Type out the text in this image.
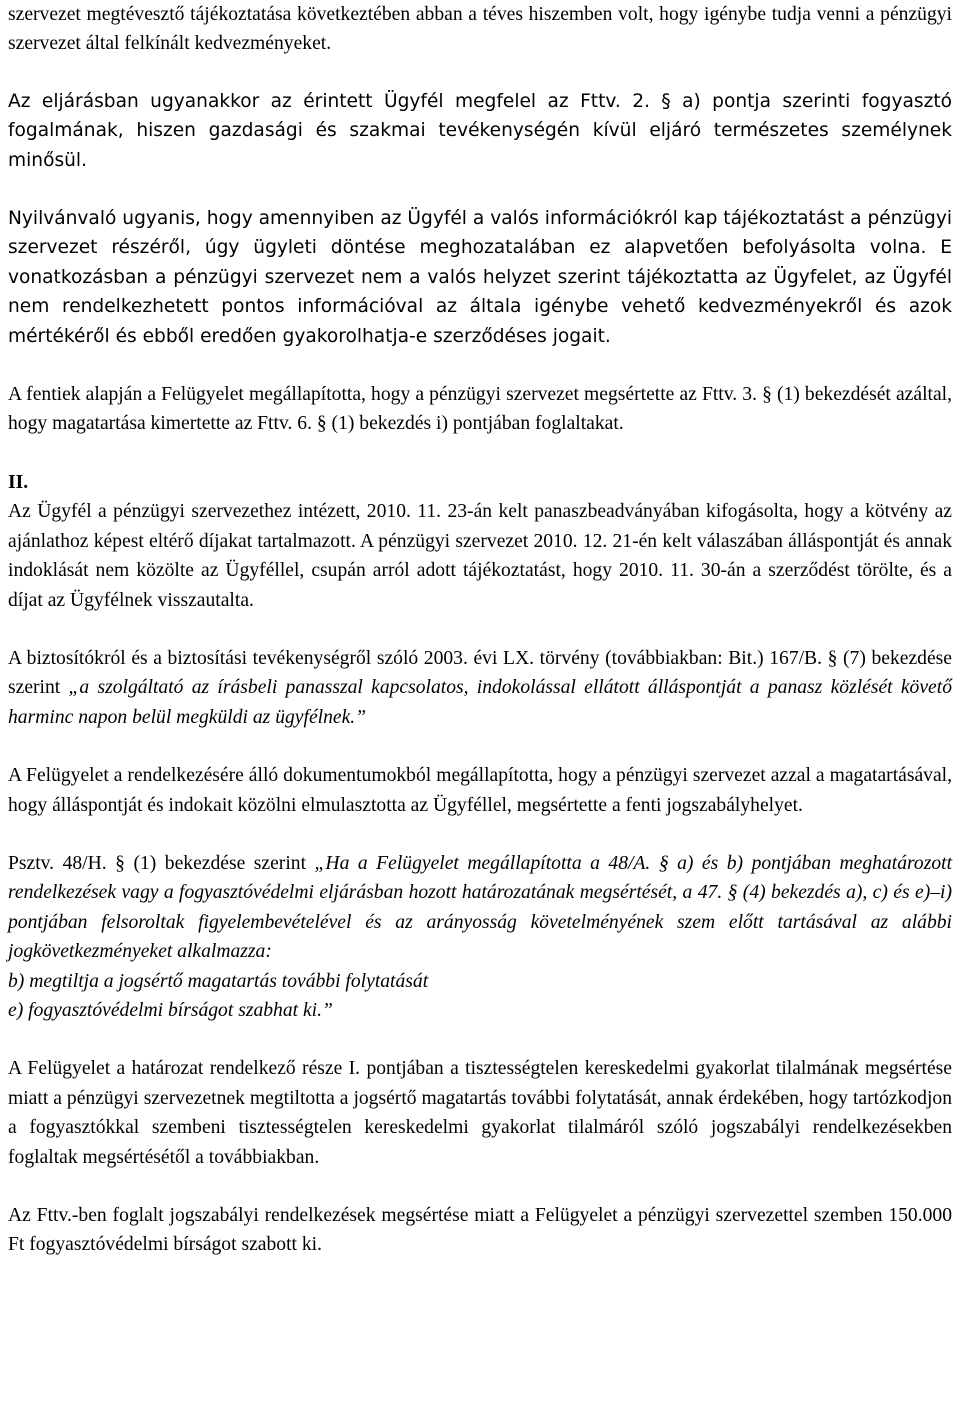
szervezet megtévesztő tájékoztatása következtében abban a téves hiszemben volt, hogy igénybe tudja venni a pénzügyi szervezet által felkínált kedvezményeket.

Az eljárásban ugyanakkor az érintett Ügyfél megfelel az Fttv. 2. § a) pontja szerinti fogyasztó fogalmának, hiszen gazdasági és szakmai tevékenységén kívül eljáró természetes személynek minősül.

Nyilvánvaló ugyanis, hogy amennyiben az Ügyfél a valós információkról kap tájékoztatást a pénzügyi szervezet részéről, úgy ügyleti döntése meghozatalában ez alapvetően befolyásolta volna. E vonatkozásban a pénzügyi szervezet nem a valós helyzet szerint tájékoztatta az Ügyfelet, az Ügyfél nem rendelkezhetett pontos információval az általa igénybe vehető kedvezményekről és azok mértékéről és ebből eredően gyakorolhatja-e szerződéses jogait.

A fentiek alapján a Felügyelet megállapította, hogy a pénzügyi szervezet megsértette az Fttv. 3. § (1) bekezdését azáltal, hogy magatartása kimertette az Fttv. 6. § (1) bekezdés i) pontjában foglaltakat.

II.

Az Ügyfél a pénzügyi szervezethez intézett, 2010. 11. 23-án kelt panaszbeadványában kifogásolta, hogy a kötvény az ajánlathoz képest eltérő díjakat tartalmazott. A pénzügyi szervezet 2010. 12. 21-én kelt válaszában álláspontját és annak indoklását nem közölte az Ügyféllel, csupán arról adott tájékoztatást, hogy 2010. 11. 30-án a szerződést törölte, és a díjat az Ügyfélnek visszautalta.

A biztosítókról és a biztosítási tevékenységről szóló 2003. évi LX. törvény (továbbiakban: Bit.) 167/B. § (7) bekezdése szerint „a szolgáltató az írásbeli panasszal kapcsolatos, indokolással ellátott álláspontját a panasz közlését követő harminc napon belül megküldi az ügyfélnek.”

A Felügyelet a rendelkezésére álló dokumentumokból megállapította, hogy a pénzügyi szervezet azzal a magatartásával, hogy álláspontját és indokait közölni elmulasztotta az Ügyféllel, megsértette a fenti jogszabályhelyet.

Psztv. 48/H. § (1) bekezdése szerint „Ha a Felügyelet megállapította a 48/A. § a) és b) pontjában meghatározott rendelkezések vagy a fogyasztóvédelmi eljárásban hozott határozatának megsértését, a 47. § (4) bekezdés a), c) és e)–i) pontjában felsoroltak figyelembevételével és az arányosság követelményének szem előtt tartásával az alábbi jogkövetkezményeket alkalmazza:
b) megtiltja a jogsértő magatartás további folytatását
e) fogyasztóvédelmi bírságot szabhat ki.”

A Felügyelet a határozat rendelkező része I. pontjában a tisztességtelen kereskedelmi gyakorlat tilalmának megsértése miatt a pénzügyi szervezetnek megtiltotta a jogsértő magatartás további folytatását, annak érdekében, hogy tartózkodjon a fogyasztókkal szembeni tisztességtelen kereskedelmi gyakorlat tilalmáról szóló jogszabályi rendelkezésekben foglaltak megsértésétől a továbbiakban.

Az Fttv.-ben foglalt jogszabályi rendelkezések megsértése miatt a Felügyelet a pénzügyi szervezettel szemben 150.000 Ft fogyasztóvédelmi bírságot szabott ki.
